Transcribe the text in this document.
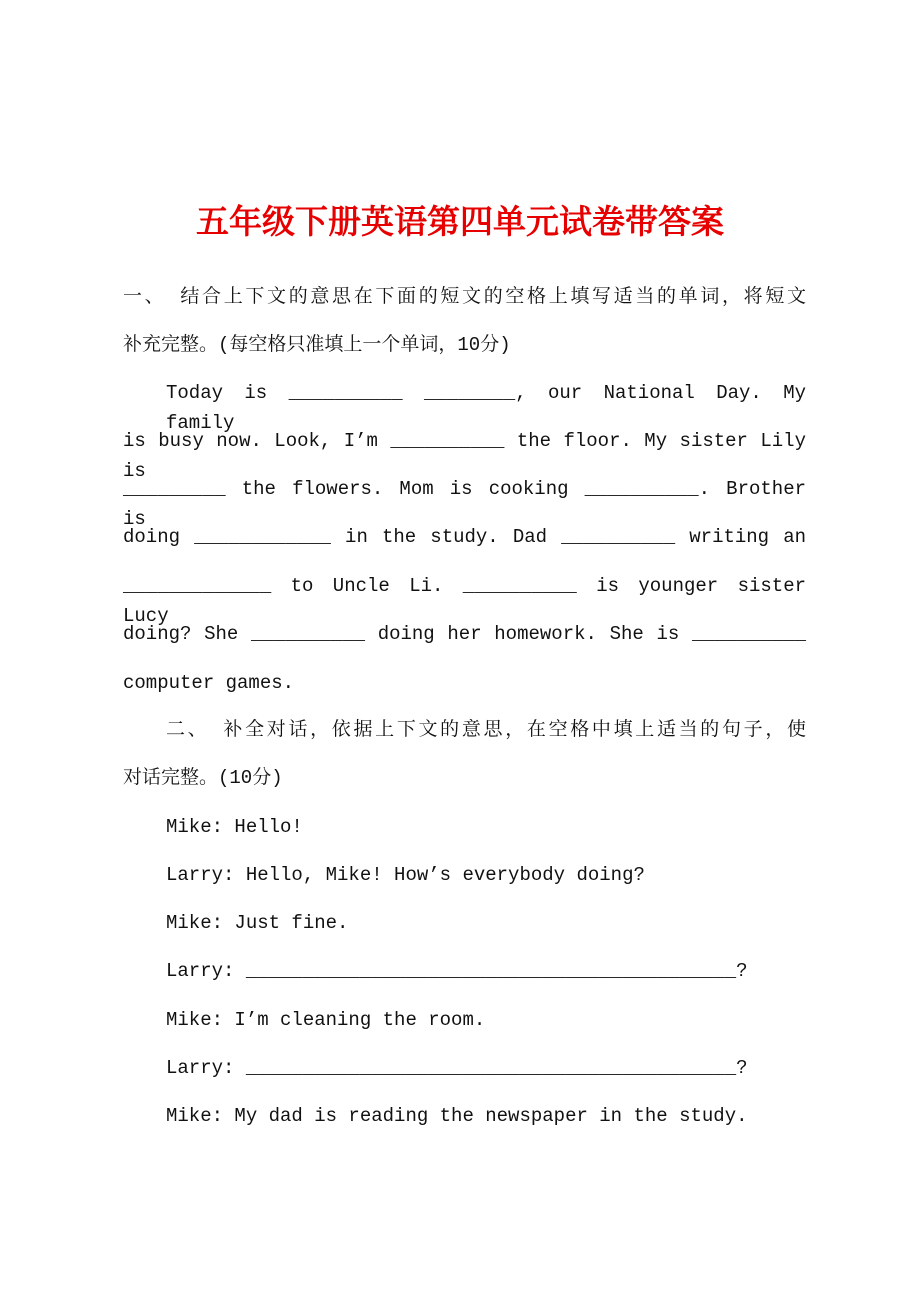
五年级下册英语第四单元试卷带答案
一、 结合上下文的意思在下面的短文的空格上填写适当的单词，将短文
补充完整。(每空格只准填上一个单词，10分)
Today is __________ ________, our National Day. My family
is busy now. Look, I’m __________ the floor. My sister Lily is
_________ the flowers. Mom is cooking __________. Brother is
doing ____________ in the study. Dad __________ writing an
_____________ to Uncle Li. __________ is younger sister Lucy
doing? She __________ doing her homework. She is __________
computer games.
二、 补全对话，依据上下文的意思，在空格中填上适当的句子，使
对话完整。(10分)
Mike: Hello!
Larry: Hello, Mike! How’s everybody doing?
Mike: Just fine.
Larry: ___________________________________________?
Mike: I’m cleaning the room.
Larry: ___________________________________________?
Mike: My dad is reading the newspaper in the study.
